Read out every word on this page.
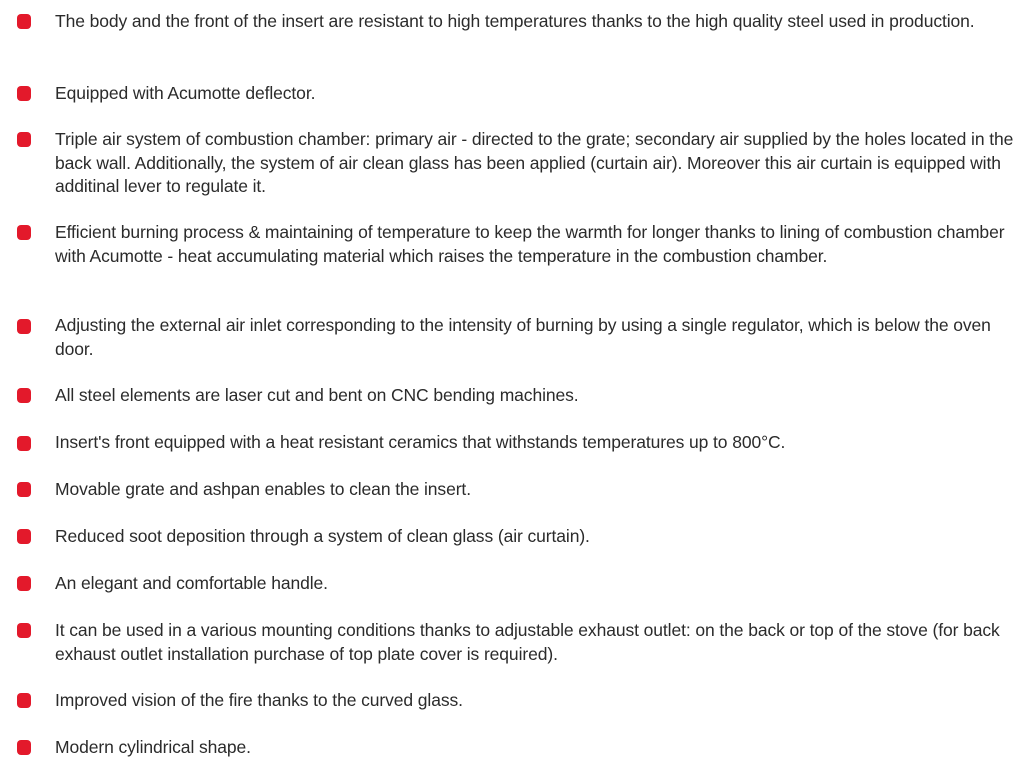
The body and the front of the insert are resistant to high temperatures thanks to the high quality steel used in production.

Equipped with Acumotte deflector.

Triple air system of combustion chamber: primary air - directed to the grate; secondary air supplied by the holes located in the back wall. Additionally, the system of air clean glass has been applied (curtain air). Moreover this air curtain is equipped with additinal lever to regulate it.

Efficient burning process & maintaining of temperature to keep the warmth for longer thanks to lining of combustion chamber with Acumotte - heat accumulating material which raises the temperature in the combustion chamber.

Adjusting the external air inlet corresponding to the intensity of burning by using a single regulator, which is below the oven door.

All steel elements are laser cut and bent on CNC bending machines.

Insert's front equipped with a heat resistant ceramics that withstands temperatures up to 800°C.

Movable grate and ashpan enables to clean the insert.

Reduced soot deposition through a system of clean glass (air curtain).

An elegant and comfortable handle.

It can be used in a various mounting conditions thanks to adjustable exhaust outlet: on the back or top of the stove (for back exhaust outlet installation purchase of top plate cover is required).

Improved vision of the fire thanks to the curved glass.

Modern cylindrical shape.
